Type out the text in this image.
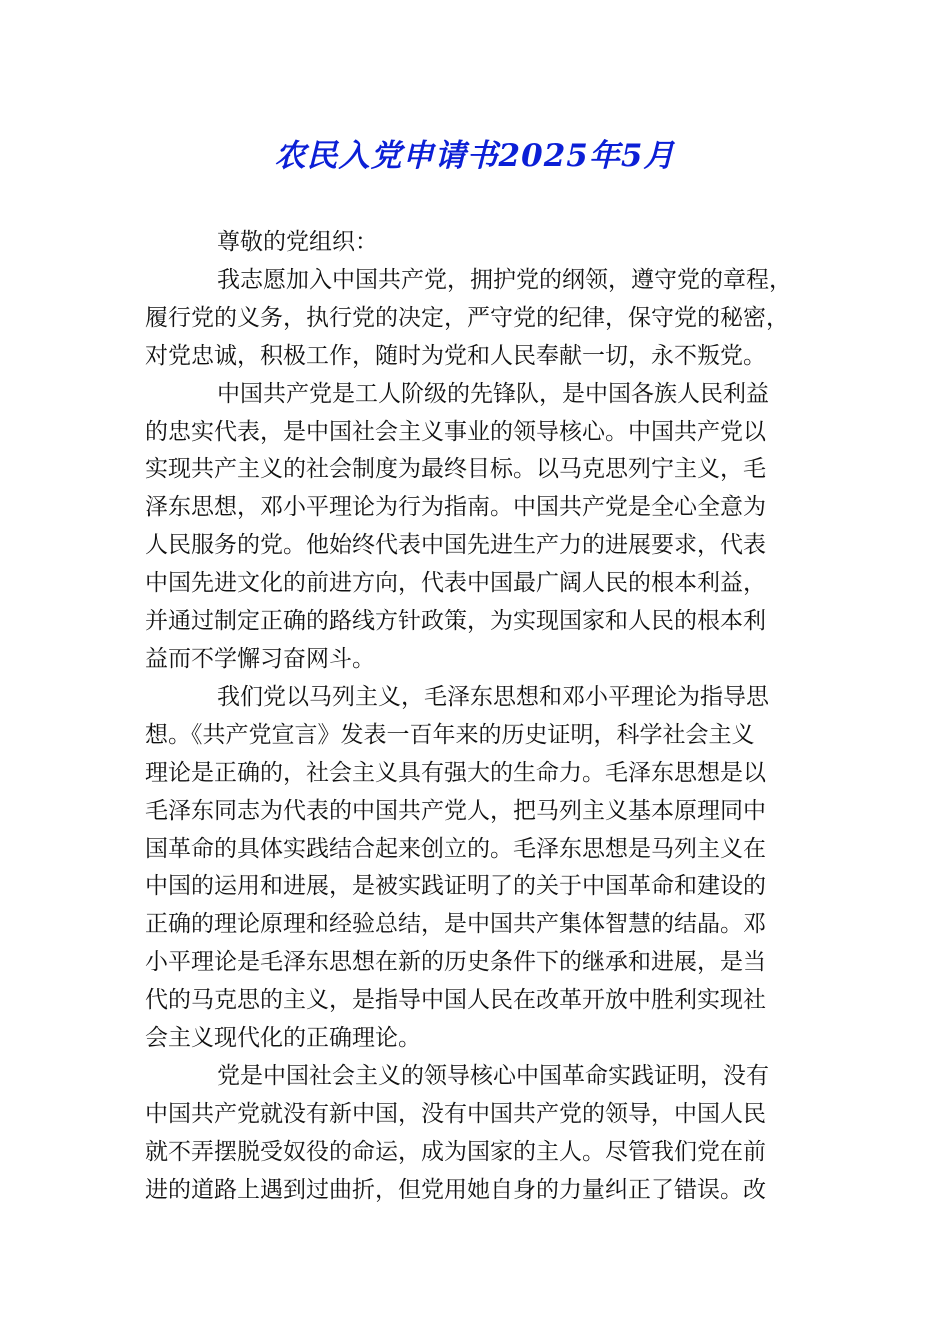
农民入党申请书2025年5月

尊敬的党组织：

我志愿加入中国共产党，拥护党的纲领，遵守党的章程，
履行党的义务，执行党的决定，严守党的纪律，保守党的秘密，
对党忠诚，积极工作，随时为党和人民奉献一切，永不叛党。

中国共产党是工人阶级的先锋队，是中国各族人民利益
的忠实代表，是中国社会主义事业的领导核心。中国共产党以
实现共产主义的社会制度为最终目标。以马克思列宁主义，毛
泽东思想，邓小平理论为行为指南。中国共产党是全心全意为
人民服务的党。他始终代表中国先进生产力的进展要求，代表
中国先进文化的前进方向，代表中国最广阔人民的根本利益，
并通过制定正确的路线方针政策，为实现国家和人民的根本利
益而不学懈习奋网斗。

我们党以马列主义，毛泽东思想和邓小平理论为指导思
想。《共产党宣言》发表一百年来的历史证明，科学社会主义
理论是正确的，社会主义具有强大的生命力。毛泽东思想是以
毛泽东同志为代表的中国共产党人，把马列主义基本原理同中
国革命的具体实践结合起来创立的。毛泽东思想是马列主义在
中国的运用和进展，是被实践证明了的关于中国革命和建设的
正确的理论原理和经验总结，是中国共产集体智慧的结晶。邓
小平理论是毛泽东思想在新的历史条件下的继承和进展，是当
代的马克思的主义，是指导中国人民在改革开放中胜利实现社
会主义现代化的正确理论。

党是中国社会主义的领导核心中国革命实践证明，没有
中国共产党就没有新中国，没有中国共产党的领导，中国人民
就不弄摆脱受奴役的命运，成为国家的主人。尽管我们党在前
进的道路上遇到过曲折，但党用她自身的力量纠正了错误。改
